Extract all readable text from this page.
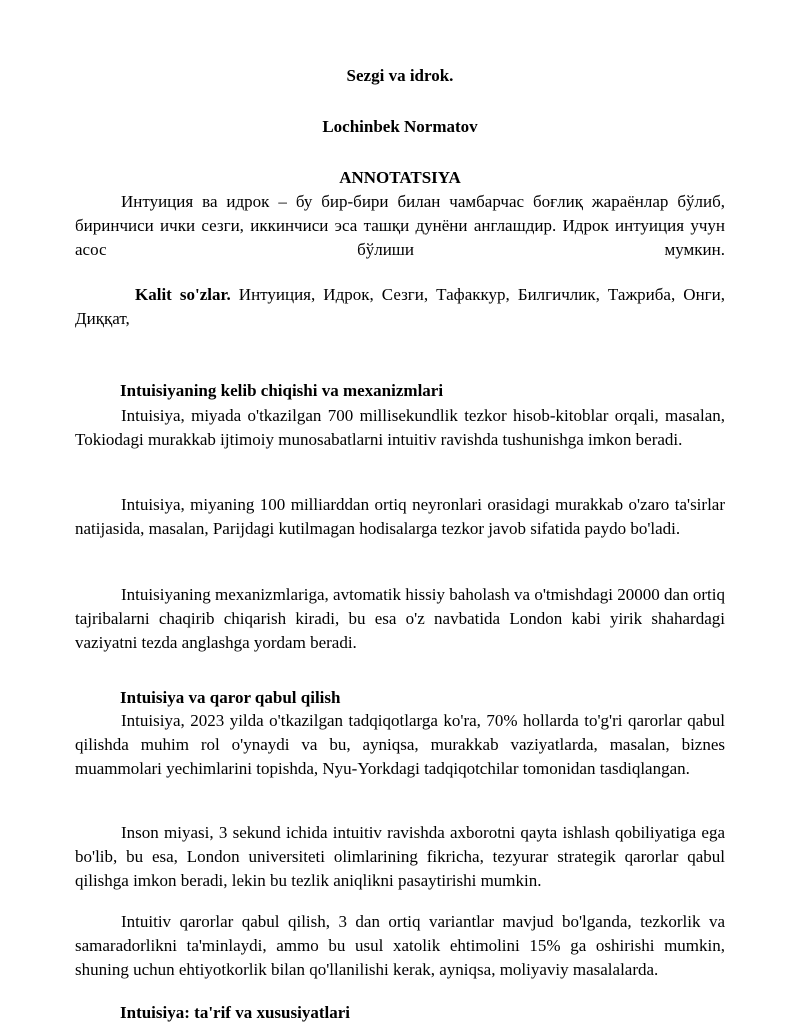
Sezgi va idrok.
Lochinbek Normatov
ANNOTATSIYA
Интуиция ва идрок – бу бир-бири билан чамбарчас боғлиқ жараёнлар бўлиб, биринчиси ички сезги, иккинчиси эса ташқи дунёни англашдир. Идрок интуиция учун асос бўлиши мумкин.
Kalit so'zlar. Интуиция, Идрок, Сезги, Тафаккур, Билгичлик, Тажриба, Онги, Диққат,
Intuisiyaning kelib chiqishi va mexanizmlari
Intuisiya, miyada o'tkazilgan 700 millisekundlik tezkor hisob-kitoblar orqali, masalan, Tokiodagi murakkab ijtimoiy munosabatlarni intuitiv ravishda tushunishga imkon beradi.
Intuisiya, miyaning 100 milliarddan ortiq neyronlari orasidagi murakkab o'zaro ta'sirlar natijasida, masalan, Parijdagi kutilmagan hodisalarga tezkor javob sifatida paydo bo'ladi.
Intuisiyaning mexanizmlariga, avtomatik hissiy baholash va o'tmishdagi 20000 dan ortiq tajribalarni chaqirib chiqarish kiradi, bu esa o'z navbatida London kabi yirik shahardagi vaziyatni tezda anglashga yordam beradi.
Intuisiya va qaror qabul qilish
Intuisiya, 2023 yilda o'tkazilgan tadqiqotlarga ko'ra, 70% hollarda to'g'ri qarorlar qabul qilishda muhim rol o'ynaydi va bu, ayniqsa, murakkab vaziyatlarda, masalan, biznes muammolari yechimlarini topishda, Nyu-Yorkdagi tadqiqotchilar tomonidan tasdiqlangan.
Inson miyasi, 3 sekund ichida intuitiv ravishda axborotni qayta ishlash qobiliyatiga ega bo'lib, bu esa, London universiteti olimlarining fikricha, tezyurar strategik qarorlar qabul qilishga imkon beradi, lekin bu tezlik aniqlikni pasaytirishi mumkin.
Intuitiv qarorlar qabul qilish, 3 dan ortiq variantlar mavjud bo'lganda, tezkorlik va samaradorlikni ta'minlaydi, ammo bu usul xatolik ehtimolini 15% ga oshirishi mumkin, shuning uchun ehtiyotkorlik bilan qo'llanilishi kerak, ayniqsa, moliyaviy masalalarda.
Intuisiya: ta'rif va xususiyatlari
